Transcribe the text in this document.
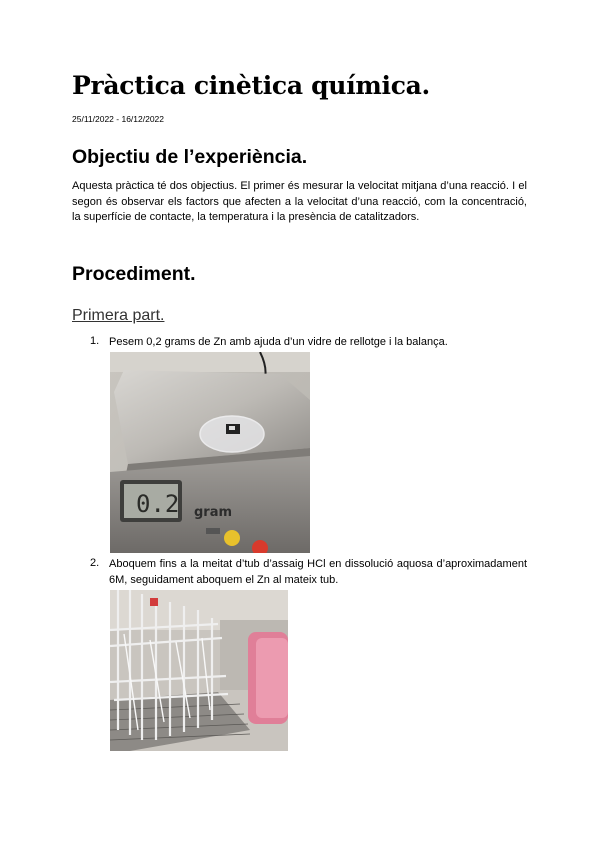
Pràctica cinètica química.
25/11/2022 - 16/12/2022
Objectiu de l’experiència.
Aquesta pràctica té dos objectius. El primer és mesurar la velocitat mitjana d’una reacció. I el segon és observar els factors que afecten a la velocitat d’una reacció, com la concentració, la superfície de contacte, la temperatura i la presència de catalitzadors.
Procediment.
Primera part.
1. Pesem 0,2 grams de Zn amb ajuda d’un vidre de rellotge i la balança.
0.2 gram
2. Aboquem fins a la meitat d’tub d’assaig HCl en dissolució aquosa d’aproximadament 6M, seguidament aboquem el Zn al mateix tub.
